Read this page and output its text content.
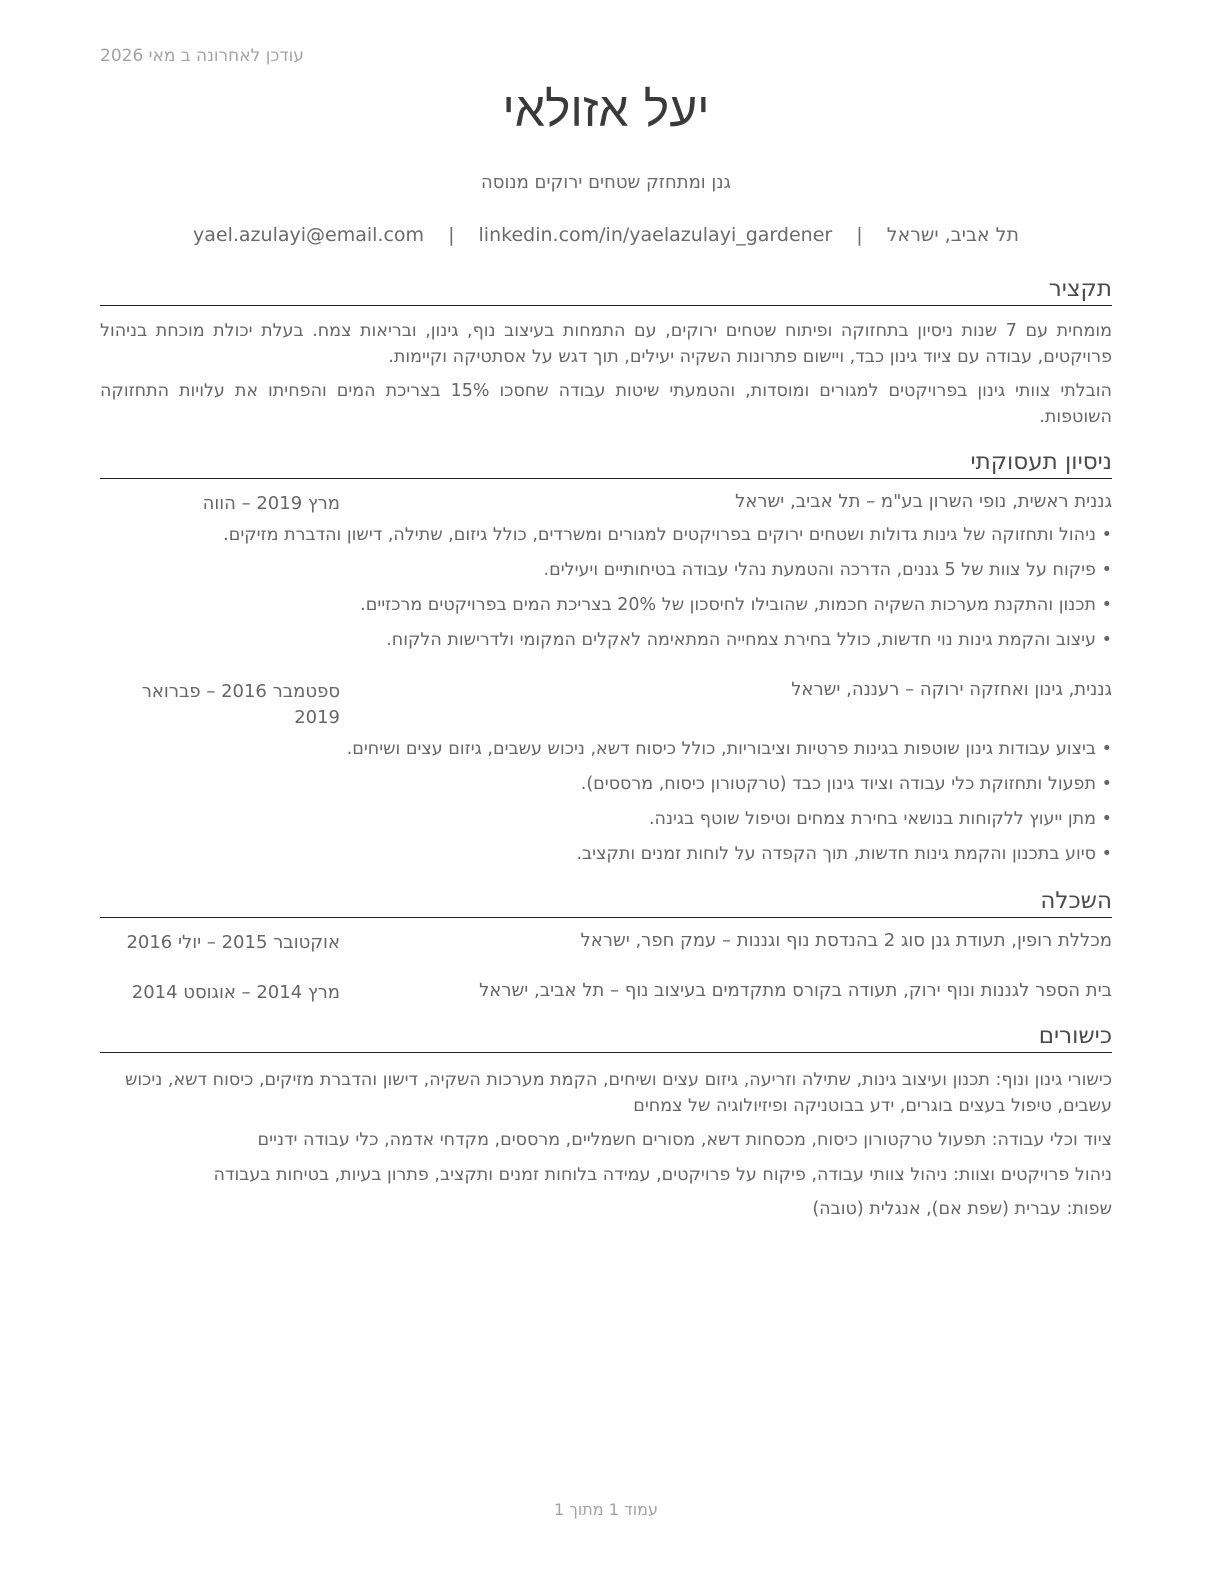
עודכן לאחרונה ב מאי 2026
יעל אזולאי
גנן ומתחזק שטחים ירוקים מנוסה
תל אביב, ישראל | yael.azulayi@email.com | linkedin.com/in/yaelazulayi_gardener
תקציר
מומחית עם 7 שנות ניסיון בתחזוקה ופיתוח שטחים ירוקים, עם התמחות בעיצוב נוף, גינון, ובריאות צמח. בעלת יכולת מוכחת בניהול פרויקטים, עבודה עם ציוד גינון כבד, ויישום פתרונות השקיה יעילים, תוך דגש על אסתטיקה וקיימות.
הובלתי צוותי גינון בפרויקטים למגורים ומוסדות, והטמעתי שיטות עבודה שחסכו 15% בצריכת המים והפחיתו את עלויות התחזוקה השוטפות.
ניסיון תעסוקתי
גננית ראשית, נופי השרון בע"מ – תל אביב, ישראל
מרץ 2019 – הווה
• ניהול ותחזוקה של גינות גדולות ושטחים ירוקים בפרויקטים למגורים ומשרדים, כולל גיזום, שתילה, דישון והדברת מזיקים.
• פיקוח על צוות של 5 גננים, הדרכה והטמעת נהלי עבודה בטיחותיים ויעילים.
• תכנון והתקנת מערכות השקיה חכמות, שהובילו לחיסכון של 20% בצריכת המים בפרויקטים מרכזיים.
• עיצוב והקמת גינות נוי חדשות, כולל בחירת צמחייה המתאימה לאקלים המקומי ולדרישות הלקוח.
גננית, גינון ואחזקה ירוקה – רעננה, ישראל
ספטמבר 2016 – פברואר 2019
• ביצוע עבודות גינון שוטפות בגינות פרטיות וציבוריות, כולל כיסוח דשא, ניכוש עשבים, גיזום עצים ושיחים.
• תפעול ותחזוקת כלי עבודה וציוד גינון כבד (טרקטורון כיסוח, מרססים).
• מתן ייעוץ ללקוחות בנושאי בחירת צמחים וטיפול שוטף בגינה.
• סיוע בתכנון והקמת גינות חדשות, תוך הקפדה על לוחות זמנים ותקציב.
השכלה
מכללת רופין, תעודת גנן סוג 2 בהנדסת נוף וגננות – עמק חפר, ישראל
אוקטובר 2015 – יולי 2016
בית הספר לגננות ונוף ירוק, תעודה בקורס מתקדמים בעיצוב נוף – תל אביב, ישראל
מרץ 2014 – אוגוסט 2014
כישורים
כישורי גינון ונוף: תכנון ועיצוב גינות, שתילה וזריעה, גיזום עצים ושיחים, הקמת מערכות השקיה, דישון והדברת מזיקים, כיסוח דשא, ניכוש עשבים, טיפול בעצים בוגרים, ידע בבוטניקה ופיזיולוגיה של צמחים
ציוד וכלי עבודה: תפעול טרקטורון כיסוח, מכסחות דשא, מסורים חשמליים, מרססים, מקדחי אדמה, כלי עבודה ידניים
ניהול פרויקטים וצוות: ניהול צוותי עבודה, פיקוח על פרויקטים, עמידה בלוחות זמנים ותקציב, פתרון בעיות, בטיחות בעבודה
שפות: עברית (שפת אם), אנגלית (טובה)
עמוד 1 מתוך 1
